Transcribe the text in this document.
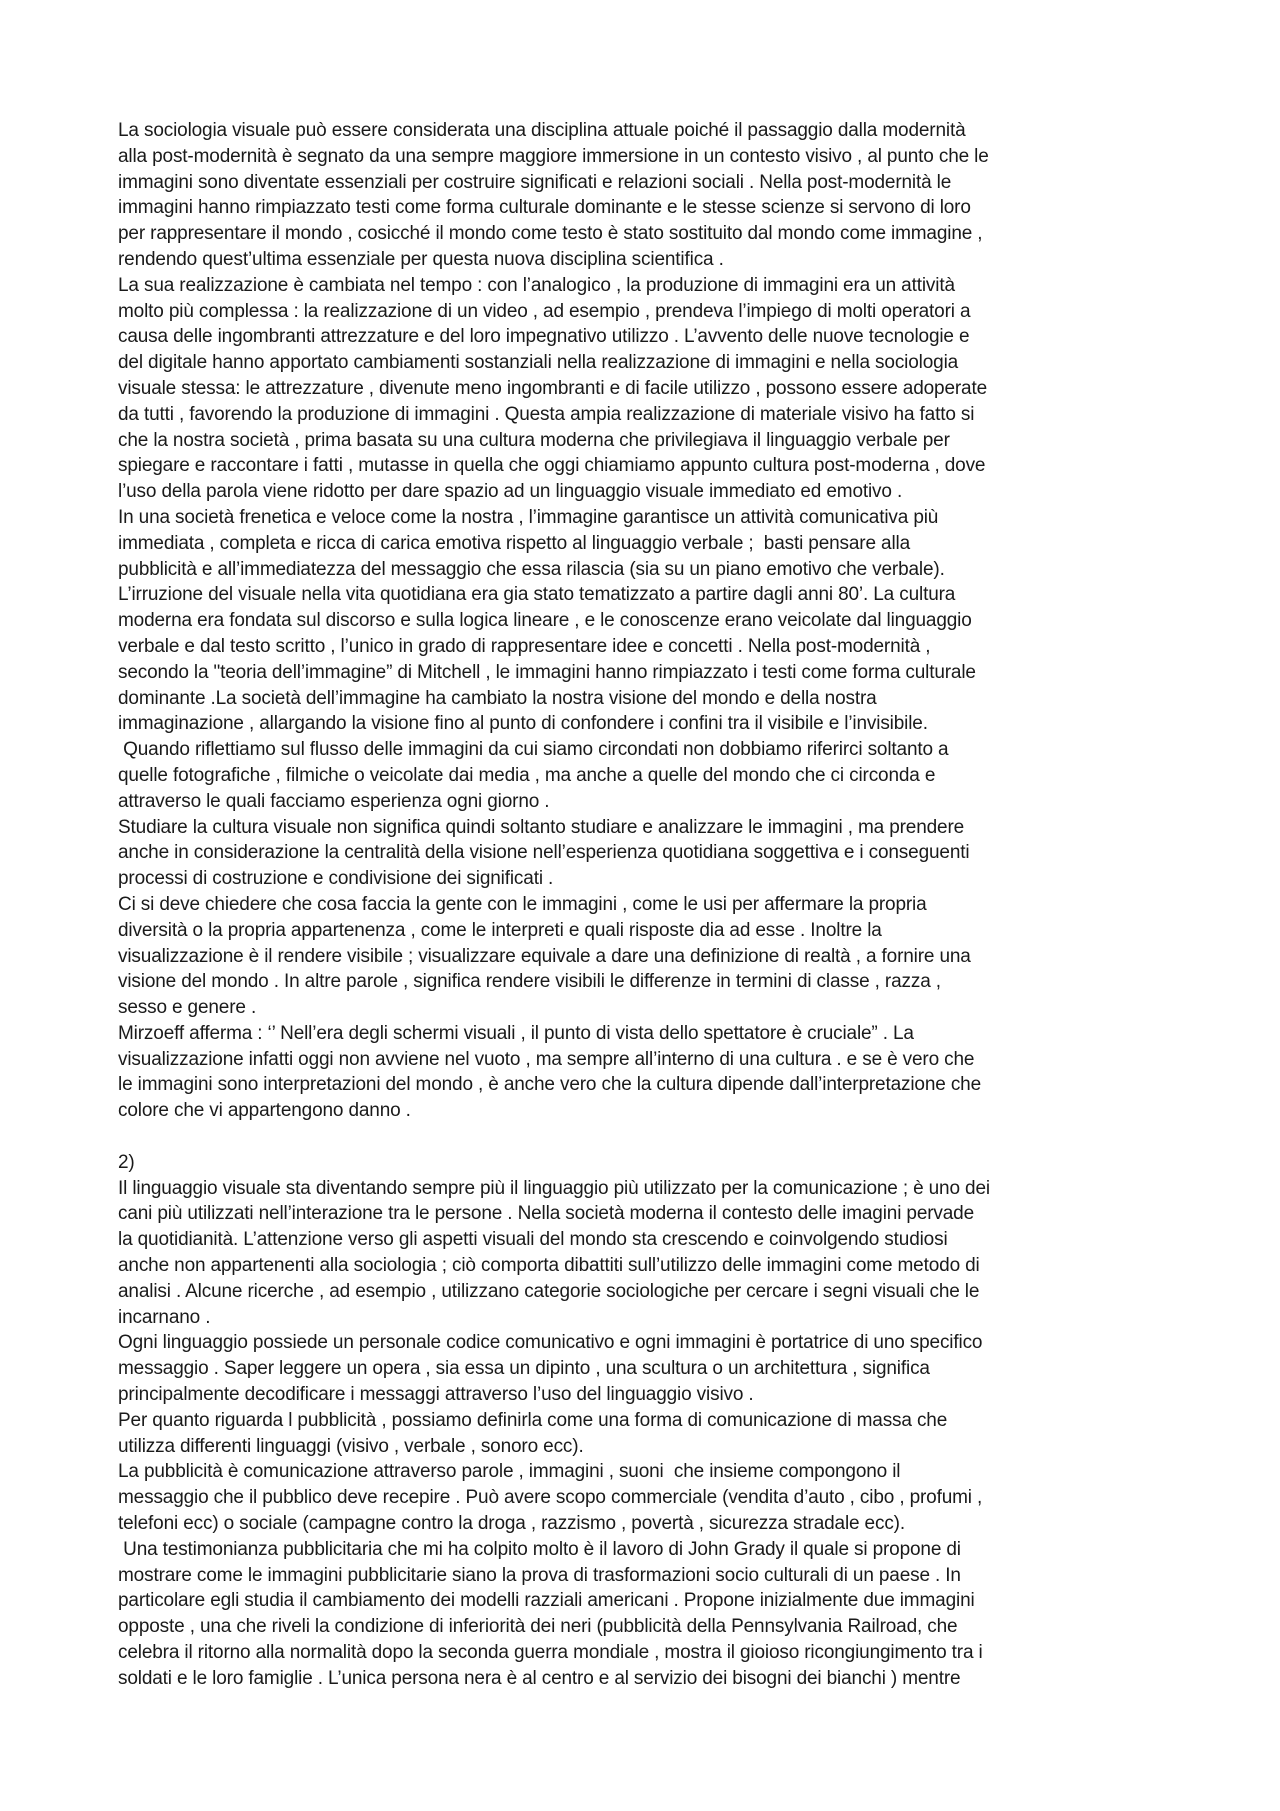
La sociologia visuale può essere considerata una disciplina attuale poiché il passaggio dalla modernità
alla post-modernità è segnato da una sempre maggiore immersione in un contesto visivo , al punto che le
immagini sono diventate essenziali per costruire significati e relazioni sociali . Nella post-modernità le
immagini hanno rimpiazzato testi come forma culturale dominante e le stesse scienze si servono di loro
per rappresentare il mondo , cosicché il mondo come testo è stato sostituito dal mondo come immagine ,
rendendo quest’ultima essenziale per questa nuova disciplina scientifica .
La sua realizzazione è cambiata nel tempo : con l’analogico , la produzione di immagini era un attività
molto più complessa : la realizzazione di un video , ad esempio , prendeva l’impiego di molti operatori a
causa delle ingombranti attrezzature e del loro impegnativo utilizzo . L’avvento delle nuove tecnologie e
del digitale hanno apportato cambiamenti sostanziali nella realizzazione di immagini e nella sociologia
visuale stessa: le attrezzature , divenute meno ingombranti e di facile utilizzo , possono essere adoperate
da tutti , favorendo la produzione di immagini . Questa ampia realizzazione di materiale visivo ha fatto si
che la nostra società , prima basata su una cultura moderna che privilegiava il linguaggio verbale per
spiegare e raccontare i fatti , mutasse in quella che oggi chiamiamo appunto cultura post-moderna , dove
l’uso della parola viene ridotto per dare spazio ad un linguaggio visuale immediato ed emotivo .
In una società frenetica e veloce come la nostra , l’immagine garantisce un attività comunicativa più
immediata , completa e ricca di carica emotiva rispetto al linguaggio verbale ;  basti pensare alla
pubblicità e all’immediatezza del messaggio che essa rilascia (sia su un piano emotivo che verbale).
L’irruzione del visuale nella vita quotidiana era gia stato tematizzato a partire dagli anni 80’. La cultura
moderna era fondata sul discorso e sulla logica lineare , e le conoscenze erano veicolate dal linguaggio
verbale e dal testo scritto , l’unico in grado di rappresentare idee e concetti . Nella post-modernità ,
secondo la "teoria dell’immagine” di Mitchell , le immagini hanno rimpiazzato i testi come forma culturale
dominante .La società dell’immagine ha cambiato la nostra visione del mondo e della nostra
immaginazione , allargando la visione fino al punto di confondere i confini tra il visibile e l’invisibile.
Quando riflettiamo sul flusso delle immagini da cui siamo circondati non dobbiamo riferirci soltanto a
quelle fotografiche , filmiche o veicolate dai media , ma anche a quelle del mondo che ci circonda e
attraverso le quali facciamo esperienza ogni giorno .
Studiare la cultura visuale non significa quindi soltanto studiare e analizzare le immagini , ma prendere
anche in considerazione la centralità della visione nell’esperienza quotidiana soggettiva e i conseguenti
processi di costruzione e condivisione dei significati .
Ci si deve chiedere che cosa faccia la gente con le immagini , come le usi per affermare la propria
diversità o la propria appartenenza , come le interpreti e quali risposte dia ad esse . Inoltre la
visualizzazione è il rendere visibile ; visualizzare equivale a dare una definizione di realtà , a fornire una
visione del mondo . In altre parole , significa rendere visibili le differenze in termini di classe , razza ,
sesso e genere .
Mirzoeff afferma : ‘’ Nell’era degli schermi visuali , il punto di vista dello spettatore è cruciale” . La
visualizzazione infatti oggi non avviene nel vuoto , ma sempre all’interno di una cultura . e se è vero che
le immagini sono interpretazioni del mondo , è anche vero che la cultura dipende dall’interpretazione che
colore che vi appartengono danno .
2)
Il linguaggio visuale sta diventando sempre più il linguaggio più utilizzato per la comunicazione ; è uno dei
cani più utilizzati nell’interazione tra le persone . Nella società moderna il contesto delle imagini pervade
la quotidianità. L’attenzione verso gli aspetti visuali del mondo sta crescendo e coinvolgendo studiosi
anche non appartenenti alla sociologia ; ciò comporta dibattiti sull’utilizzo delle immagini come metodo di
analisi . Alcune ricerche , ad esempio , utilizzano categorie sociologiche per cercare i segni visuali che le
incarnano .
Ogni linguaggio possiede un personale codice comunicativo e ogni immagini è portatrice di uno specifico
messaggio . Saper leggere un opera , sia essa un dipinto , una scultura o un architettura , significa
principalmente decodificare i messaggi attraverso l’uso del linguaggio visivo .
Per quanto riguarda l pubblicità , possiamo definirla come una forma di comunicazione di massa che
utilizza differenti linguaggi (visivo , verbale , sonoro ecc).
La pubblicità è comunicazione attraverso parole , immagini , suoni  che insieme compongono il
messaggio che il pubblico deve recepire . Può avere scopo commerciale (vendita d’auto , cibo , profumi ,
telefoni ecc) o sociale (campagne contro la droga , razzismo , povertà , sicurezza stradale ecc).
Una testimonianza pubblicitaria che mi ha colpito molto è il lavoro di John Grady il quale si propone di
mostrare come le immagini pubblicitarie siano la prova di trasformazioni socio culturali di un paese . In
particolare egli studia il cambiamento dei modelli razziali americani . Propone inizialmente due immagini
opposte , una che riveli la condizione di inferiorità dei neri (pubblicità della Pennsylvania Railroad, che
celebra il ritorno alla normalità dopo la seconda guerra mondiale , mostra il gioioso ricongiungimento tra i
soldati e le loro famiglie . L’unica persona nera è al centro e al servizio dei bisogni dei bianchi ) mentre
